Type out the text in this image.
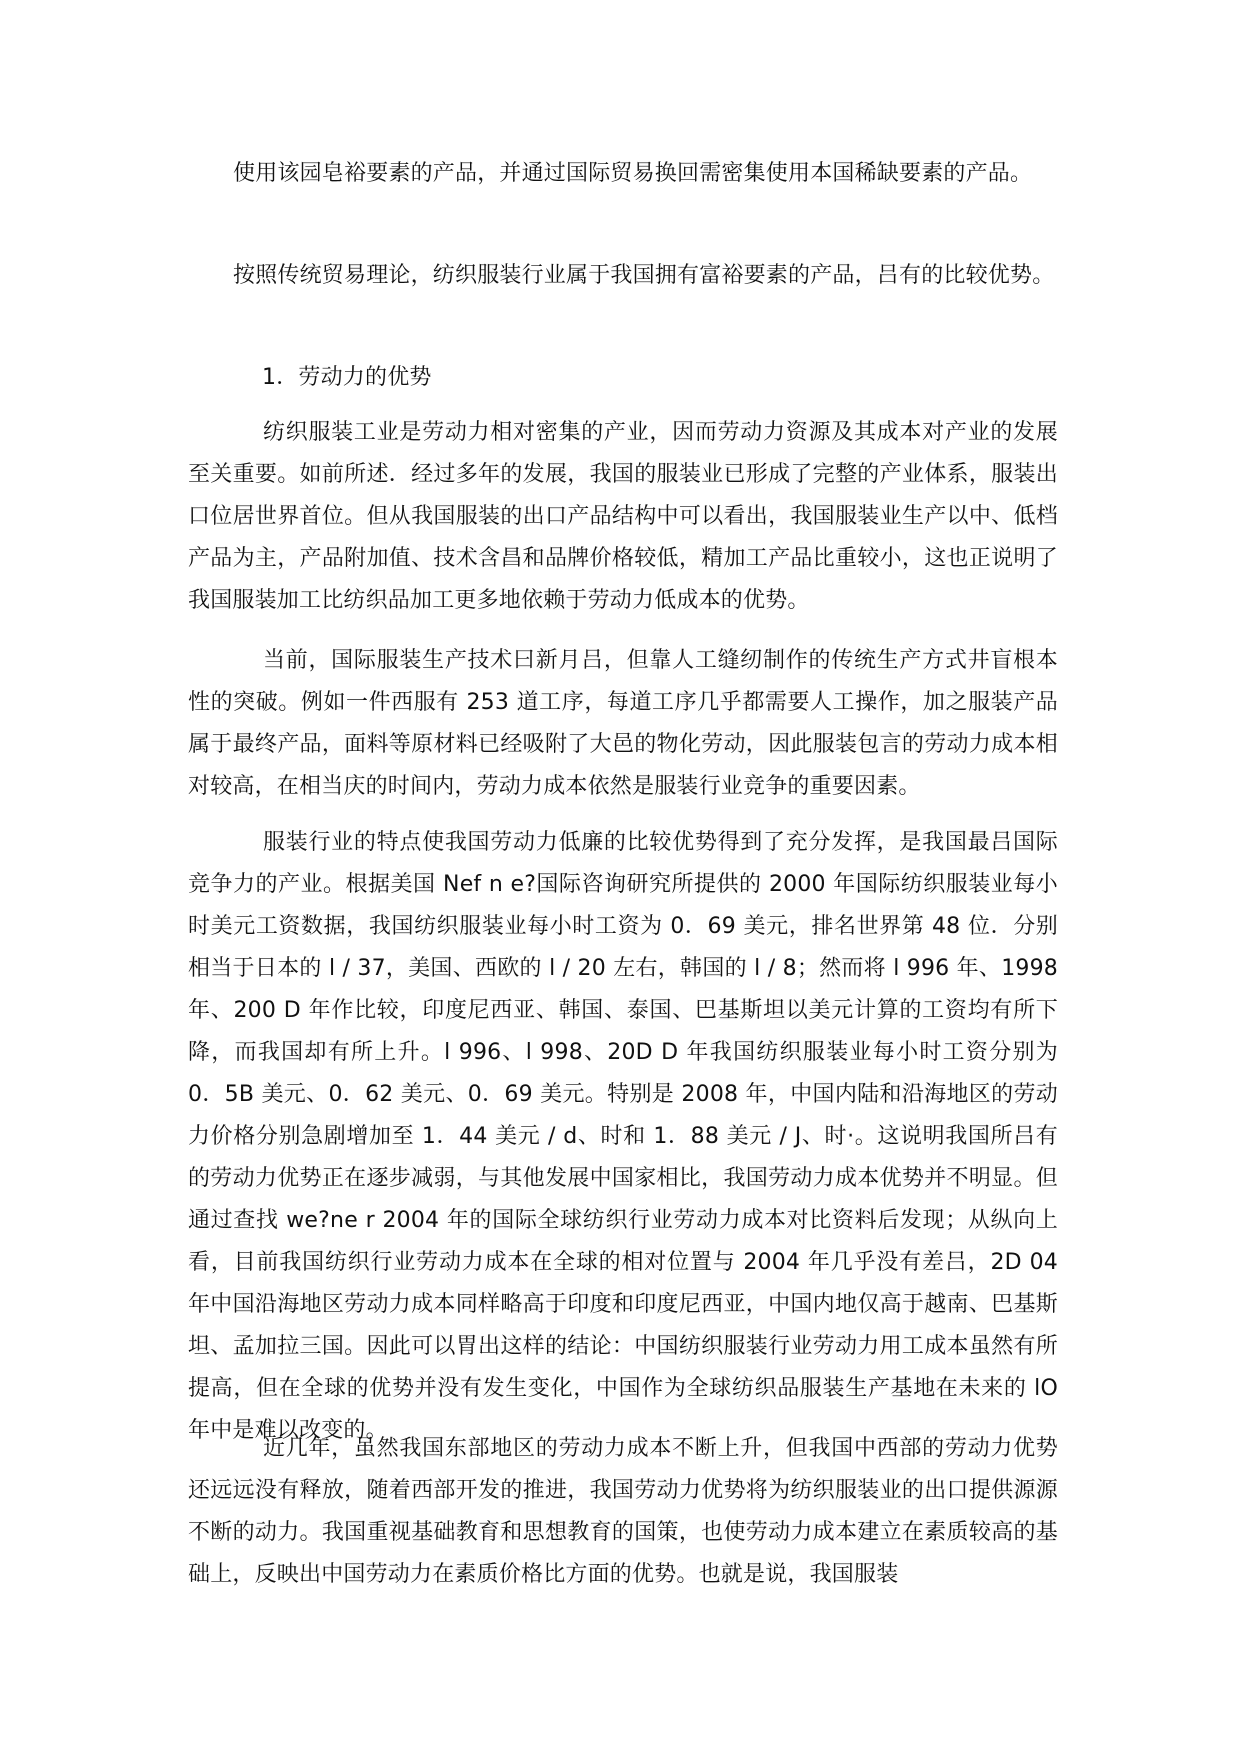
使用该园皂裕要素的产品，并通过国际贸易换回需密集使用本国稀缺要素的产品。

按照传统贸易理论，纺织服装行业属于我国拥有富裕要素的产品，吕有的比较优势。

1．劳动力的优势

纺织服装工业是劳动力相对密集的产业，因而劳动力资源及其成本对产业的发展至关重要。如前所述．经过多年的发展，我国的服装业已形成了完整的产业体系，服装出口位居世界首位。但从我国服装的出口产品结构中可以看出，我国服装业生产以中、低档产品为主，产品附加值、技术含昌和品牌价格较低，精加工产品比重较小，这也正说明了我国服装加工比纺织品加工更多地依赖于劳动力低成本的优势。

当前，国际服装生产技术曰新月吕，但靠人工缝纫制作的传统生产方式井盲根本性的突破。例如一件西服有 253 道工序，每道工序几乎都需要人工操作，加之服装产品属于最终产品，面料等原材料已经吸附了大邑的物化劳动，因此服装包言的劳动力成本相对较高，在相当庆的时间内，劳动力成本依然是服装行业竞争的重要因素。

服装行业的特点使我国劳动力低廉的比较优势得到了充分发挥，是我国最吕国际竞争力的产业。根据美国 Nef n e?国际咨询研究所提供的 2000 年国际纺织服装业每小时美元工资数据，我国纺织服装业每小时工资为 0．69 美元，排名世界第 48 位．分别相当于日本的 l / 37，美国、西欧的 l / 20 左右，韩国的 l / 8；然而将 l 996 年、1998 年、200 D 年作比较，印度尼西亚、韩国、泰国、巴基斯坦以美元计算的工资均有所下降，而我国却有所上升。l 996、l 998、20D D 年我国纺织服装业每小时工资分别为 0．5B 美元、0．62 美元、0．69 美元。特别是 2008 年，中国内陆和沿海地区的劳动力价格分别急剧增加至 1．44 美元 / d、时和 1．88 美元 / J、时·。这说明我国所吕有的劳动力优势正在逐步减弱，与其他发展中国家相比，我国劳动力成本优势并不明显。但通过查找 we?ne r 2004 年的国际全球纺织行业劳动力成本对比资料后发现；从纵向上看，目前我国纺织行业劳动力成本在全球的相对位置与 2004 年几乎没有差吕，2D 04 年中国沿海地区劳动力成本同样略高于印度和印度尼西亚，中国内地仅高于越南、巴基斯坦、孟加拉三国。因此可以胃出这样的结论：中国纺织服装行业劳动力用工成本虽然有所提高，但在全球的优势并没有发生变化，中国作为全球纺织品服装生产基地在未来的 lO 年中是难以改变的。

近几年，虽然我国东部地区的劳动力成本不断上升，但我国中西部的劳动力优势还远远没有释放，随着西部开发的推进，我国劳动力优势将为纺织服装业的出口提供源源不断的动力。我国重视基础教育和思想教育的国策，也使劳动力成本建立在素质较高的基础上，反映出中国劳动力在素质价格比方面的优势。也就是说，我国服装
